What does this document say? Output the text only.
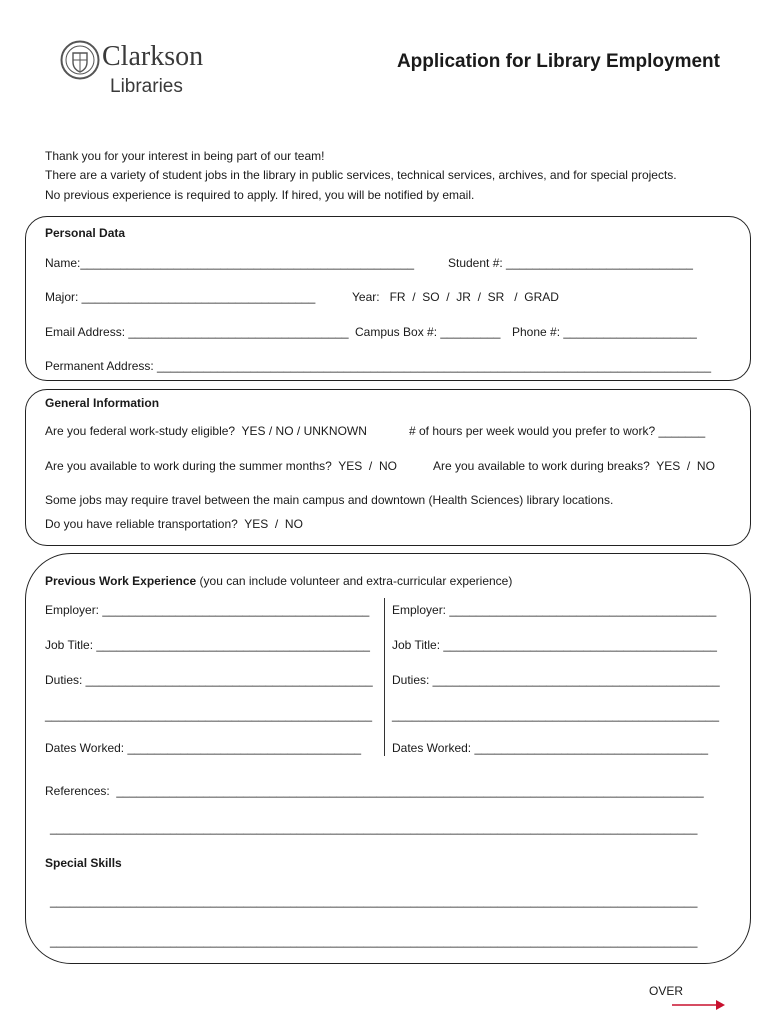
Clarkson
Libraries
Application for Library Employment
Thank you for your interest in being part of our team!
There are a variety of student jobs in the library in public services, technical services, archives, and for special projects.
No previous experience is required to apply. If hired, you will be notified by email.
Personal Data
Name:__________________________________________________	Student #: ____________________________
Major: ___________________________________	Year:   FR  /  SO  /  JR  /  SR   /  GRAD
Email Address: _________________________________ Campus Box #: _________ Phone #: ____________________
Permanent Address: ___________________________________________________________________________________
General Information
Are you federal work-study eligible?  YES / NO / UNKNOWN	# of hours per week would you prefer to work? _______
Are you available to work during the summer months?  YES  /  NO	Are you available to work during breaks?  YES  /  NO
Some jobs may require travel between the main campus and downtown (Health Sciences) library locations.
Do you have reliable transportation?  YES  /  NO
Previous Work Experience (you can include volunteer and extra-curricular experience)
Employer: ________________________________________
Job Title: _________________________________________
Duties: ___________________________________________
_________________________________________________
Dates Worked: ___________________________________
Employer: ________________________________________
Job Title: _________________________________________
Duties: ___________________________________________
_________________________________________________
Dates Worked: ___________________________________
References:  ________________________________________________________________________________________
_________________________________________________________________________________________________
Special Skills
_________________________________________________________________________________________________
_________________________________________________________________________________________________
OVER
